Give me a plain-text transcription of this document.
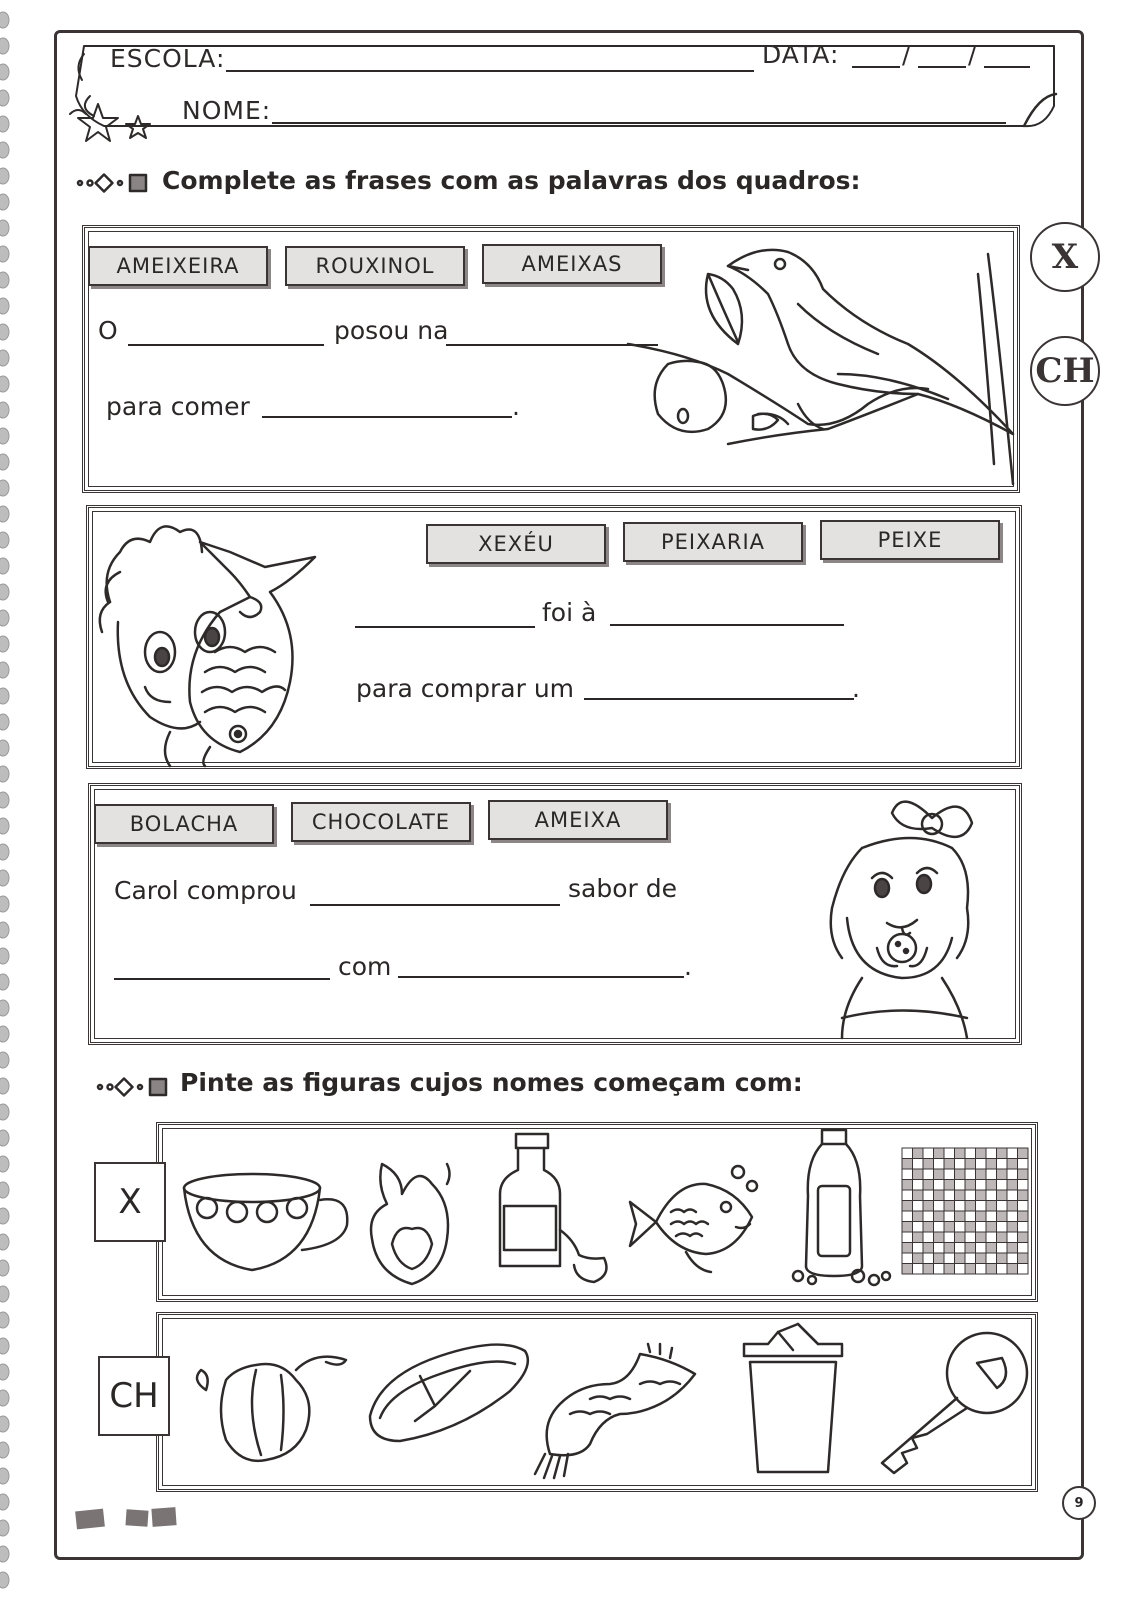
ESCOLA:	DATA:	/ /
NOME:
Complete as frases com as palavras dos quadros:
X
CH
AMEIXEIRA	ROUXINOL	AMEIXAS
O	posou na
para comer	.
XEXÉU	PEIXARIA	PEIXE
foi à
para comprar um	.
BOLACHA	CHOCOLATE	AMEIXA
Carol comprou	sabor de
com	.
Pinte as figuras cujos nomes começam com:
X
CH
9
